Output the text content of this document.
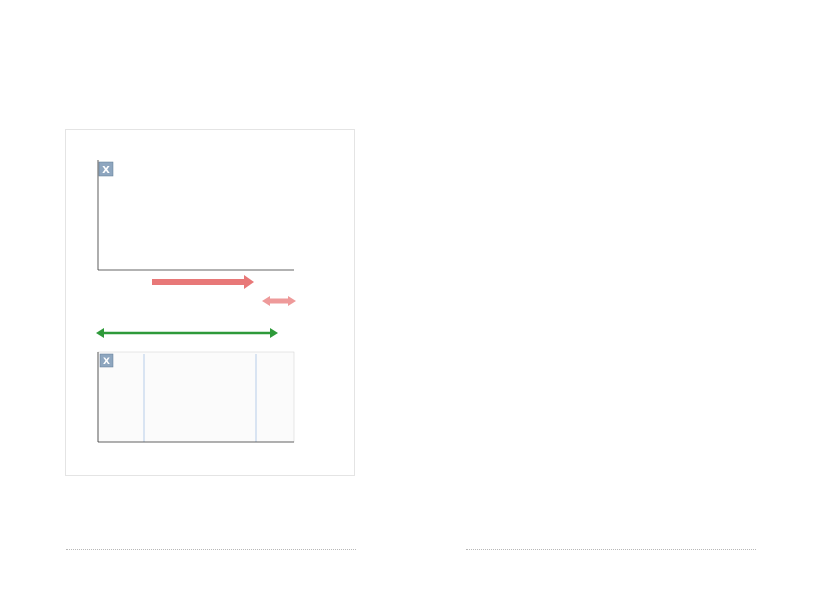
X
X
